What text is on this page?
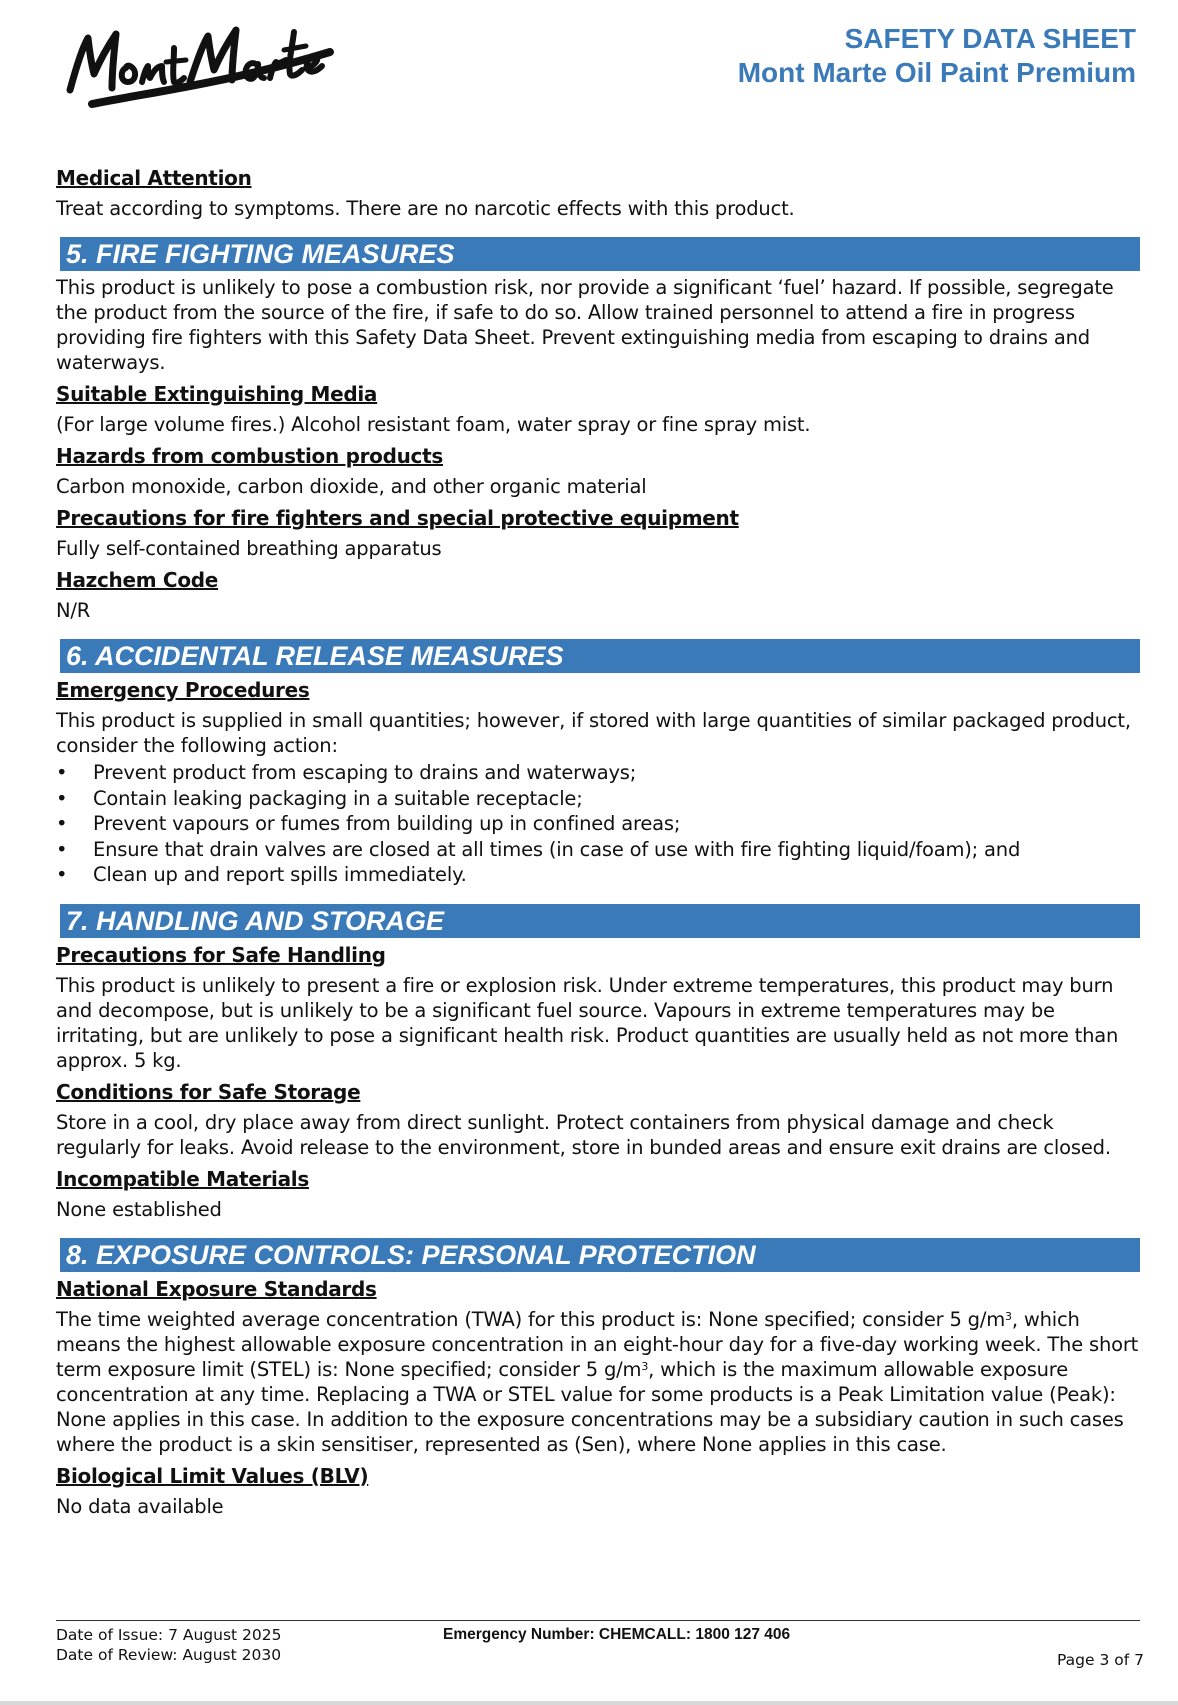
SAFETY DATA SHEET
Mont Marte Oil Paint Premium
Medical Attention
Treat according to symptoms. There are no narcotic effects with this product.
5. FIRE FIGHTING MEASURES
This product is unlikely to pose a combustion risk, nor provide a significant ‘fuel’ hazard. If possible, segregate the product from the source of the fire, if safe to do so. Allow trained personnel to attend a fire in progress providing fire fighters with this Safety Data Sheet. Prevent extinguishing media from escaping to drains and waterways.
Suitable Extinguishing Media
(For large volume fires.) Alcohol resistant foam, water spray or fine spray mist.
Hazards from combustion products
Carbon monoxide, carbon dioxide, and other organic material
Precautions for fire fighters and special protective equipment
Fully self-contained breathing apparatus
Hazchem Code
N/R
6. ACCIDENTAL RELEASE MEASURES
Emergency Procedures
This product is supplied in small quantities; however, if stored with large quantities of similar packaged product, consider the following action:
• Prevent product from escaping to drains and waterways;
• Contain leaking packaging in a suitable receptacle;
• Prevent vapours or fumes from building up in confined areas;
• Ensure that drain valves are closed at all times (in case of use with fire fighting liquid/foam); and
• Clean up and report spills immediately.
7. HANDLING AND STORAGE
Precautions for Safe Handling
This product is unlikely to present a fire or explosion risk. Under extreme temperatures, this product may burn and decompose, but is unlikely to be a significant fuel source. Vapours in extreme temperatures may be irritating, but are unlikely to pose a significant health risk. Product quantities are usually held as not more than approx. 5 kg.
Conditions for Safe Storage
Store in a cool, dry place away from direct sunlight. Protect containers from physical damage and check regularly for leaks. Avoid release to the environment, store in bunded areas and ensure exit drains are closed.
Incompatible Materials
None established
8. EXPOSURE CONTROLS: PERSONAL PROTECTION
National Exposure Standards
The time weighted average concentration (TWA) for this product is: None specified; consider 5 $g/m^3$, which means the highest allowable exposure concentration in an eight-hour day for a five-day working week. The short term exposure limit (STEL) is: None specified; consider 5 $g/m^3$, which is the maximum allowable exposure concentration at any time. Replacing a TWA or STEL value for some products is a Peak Limitation value (Peak): None applies in this case. In addition to the exposure concentrations may be a subsidiary caution in such cases where the product is a skin sensitiser, represented as (Sen), where None applies in this case.
Biological Limit Values (BLV)
No data available
Date of Issue: 7 August 2025
Date of Review: August 2030
Emergency Number: CHEMCALL: 1800 127 406
Page 3 of 7
